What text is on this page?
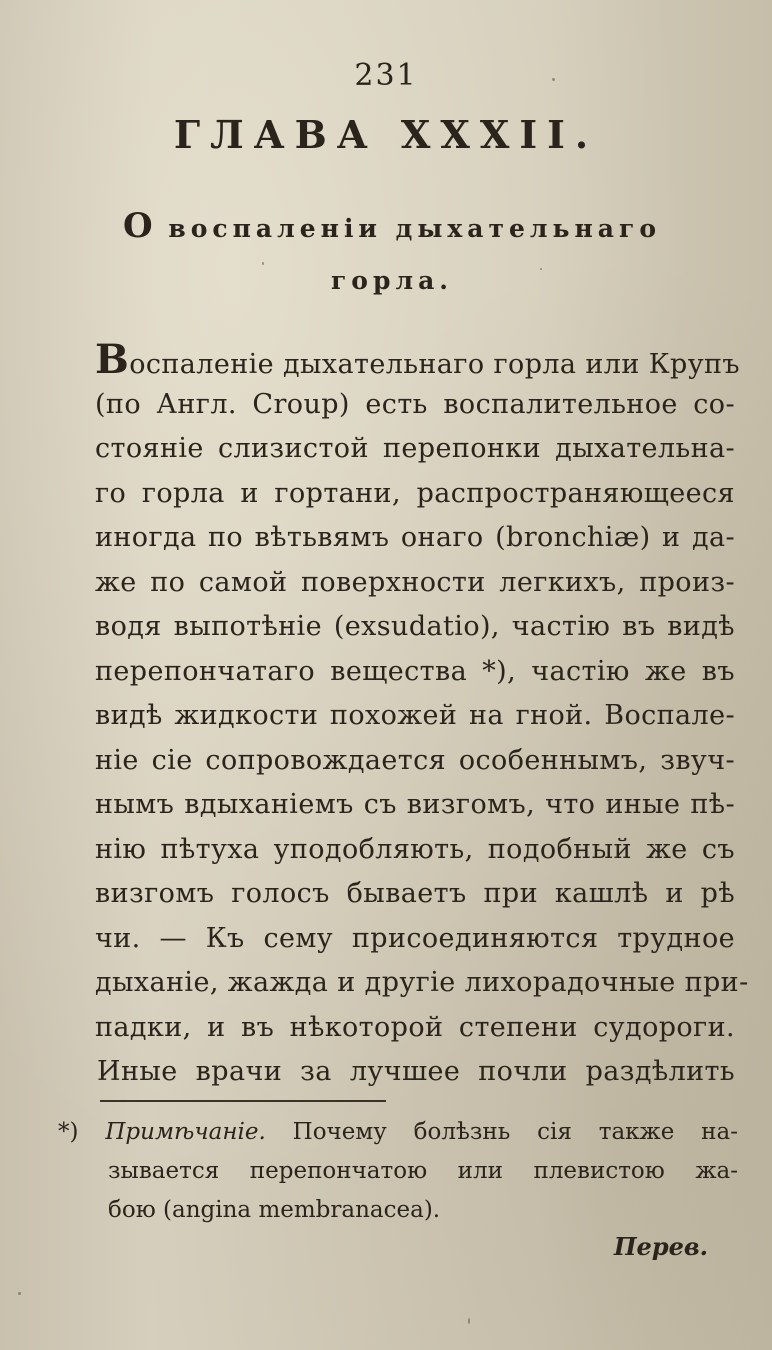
231
ГЛАВА XXXII.
О воспаленіи дыхательнаго
горла.
Воспаленіе дыхательнаго горла или Крупъ
(по Англ. Croup) есть воспалительное со-
стояніе слизистой перепонки дыхательна-
го горла и гортани, распространяющееся
иногда по вѣтьвямъ онаго (bronchiæ) и да-
же по самой поверхности легкихъ, произ-
водя выпотѣніе (exsudatio), частію въ видѣ
перепончатаго вещества *), частію же въ
видѣ жидкости похожей на гной. Воспале-
ніе сіе сопровождается особеннымъ, звуч-
нымъ вдыханіемъ съ визгомъ, что иные пѣ-
нію пѣтуха уподобляють, подобный же съ
визгомъ голосъ бываетъ при кашлѣ и рѣ
чи. — Къ сему присоединяются трудное
дыханіе, жажда и другіе лихорадочные при-
падки, и въ нѣкоторой степени судороги.
Иные врачи за лучшее почли раздѣлить
*) Примѣчаніе. Почему болѣзнь сія также на-
зывается перепончатою или плевистою жа-
бою (angina membranacea).
Перев.
